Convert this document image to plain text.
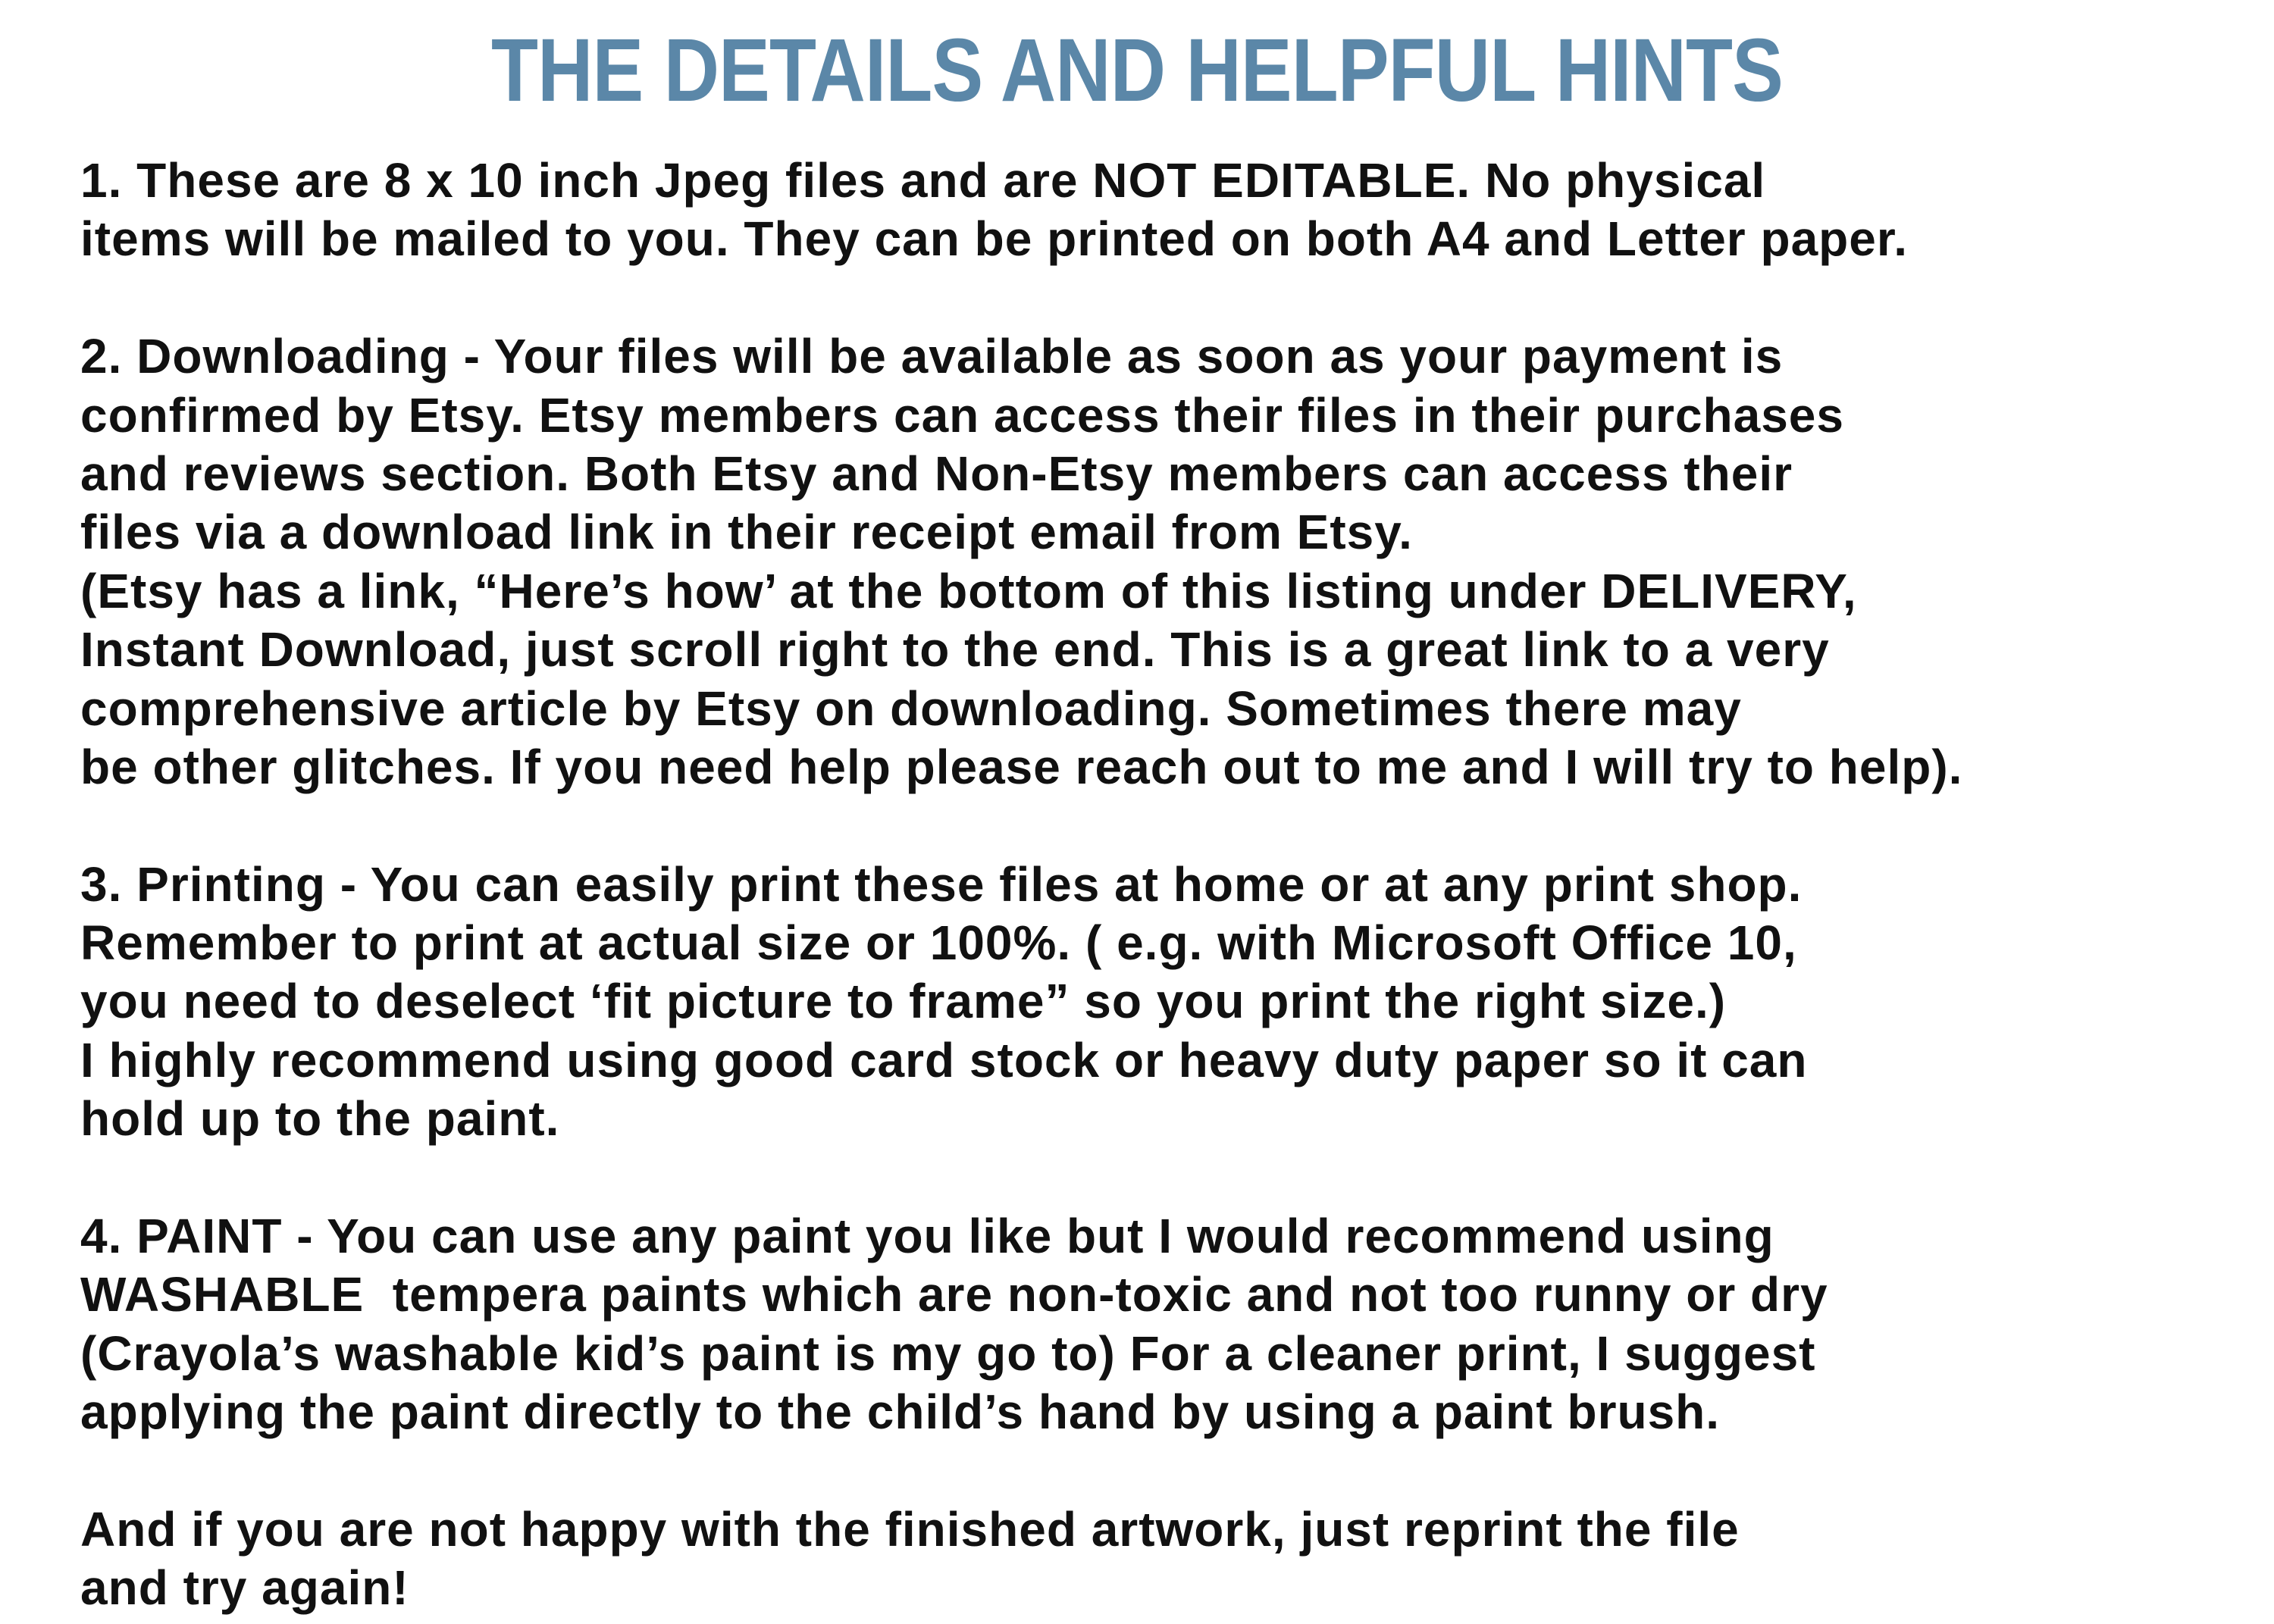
THE DETAILS AND HELPFUL HINTS
1. These are 8 x 10 inch Jpeg files and are NOT EDITABLE. No physical
items will be mailed to you. They can be printed on both A4 and Letter paper.
2. Downloading - Your files will be available as soon as your payment is
confirmed by Etsy. Etsy members can access their files in their purchases
and reviews section. Both Etsy and Non-Etsy members can access their
files via a download link in their receipt email from Etsy.
(Etsy has a link, “Here’s how’ at the bottom of this listing under DELIVERY,
Instant Download, just scroll right to the end. This is a great link to a very
comprehensive article by Etsy on downloading. Sometimes there may
be other glitches. If you need help please reach out to me and I will try to help).
3. Printing - You can easily print these files at home or at any print shop.
Remember to print at actual size or 100%. ( e.g. with Microsoft Office 10,
you need to deselect ‘fit picture to frame” so you print the right size.)
I highly recommend using good card stock or heavy duty paper so it can
hold up to the paint.
4. PAINT - You can use any paint you like but I would recommend using
WASHABLE  tempera paints which are non-toxic and not too runny or dry
(Crayola’s washable kid’s paint is my go to) For a cleaner print, I suggest
applying the paint directly to the child’s hand by using a paint brush.
And if you are not happy with the finished artwork, just reprint the file
and try again!
